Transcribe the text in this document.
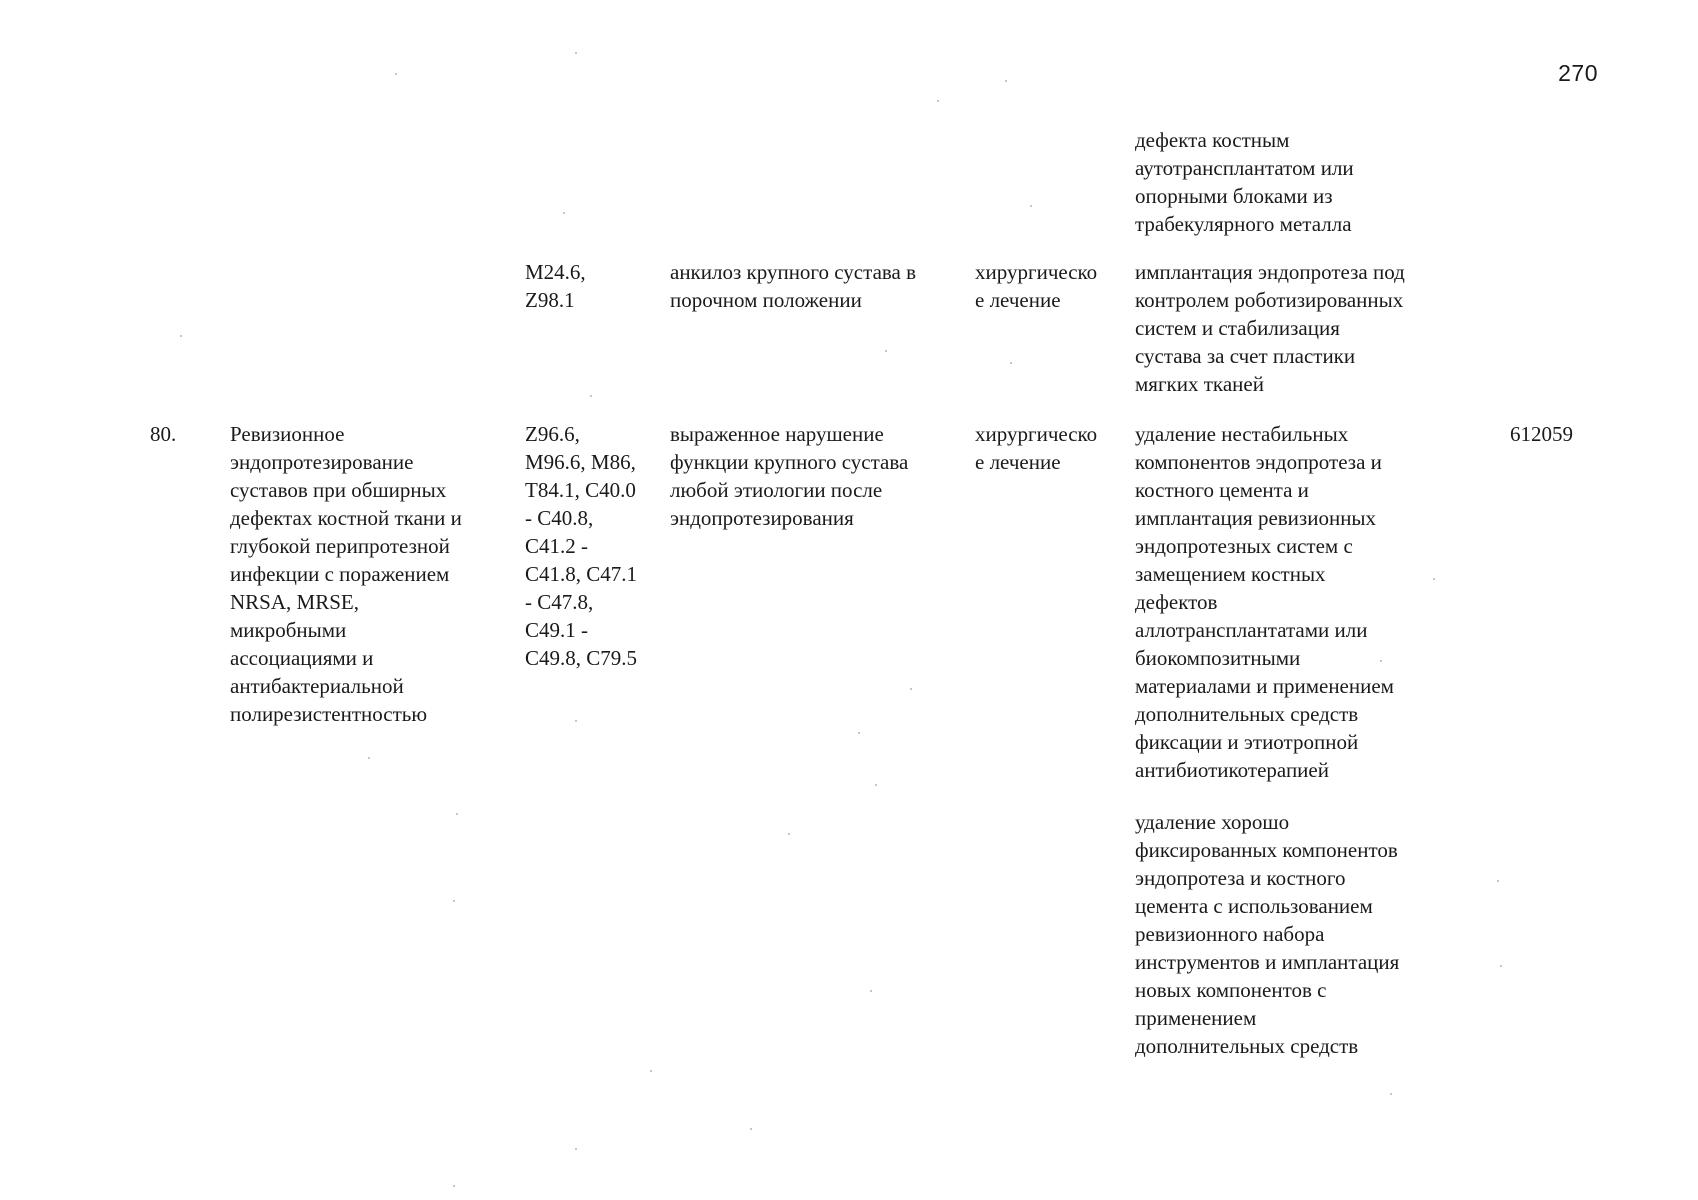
270
дефекта костным
аутотрансплантатом или
опорными блоками из
трабекулярного металла
M24.6,
Z98.1
анкилоз крупного сустава в
порочном положении
хирургическо
е лечение
имплантация эндопротеза под
контролем роботизированных
систем и стабилизация
сустава за счет пластики
мягких тканей
80.	Ревизионное
эндопротезирование
суставов при обширных
дефектах костной ткани и
глубокой перипротезной
инфекции с поражением
NRSA, MRSE,
микробными
ассоциациями и
антибактериальной
полирезистентностью
Z96.6,
M96.6, M86,
T84.1, C40.0
- C40.8,
C41.2 -
C41.8, C47.1
- C47.8,
C49.1 -
C49.8, C79.5
выраженное нарушение
функции крупного сустава
любой этиологии после
эндопротезирования
хирургическо
е лечение
удаление нестабильных
компонентов эндопротеза и
костного цемента и
имплантация ревизионных
эндопротезных систем с
замещением костных
дефектов
аллотрансплантатами или
биокомпозитными
материалами и применением
дополнительных средств
фиксации и этиотропной
антибиотикотерапией
612059
удаление хорошо
фиксированных компонентов
эндопротеза и костного
цемента с использованием
ревизионного набора
инструментов и имплантация
новых компонентов с
применением
дополнительных средств
